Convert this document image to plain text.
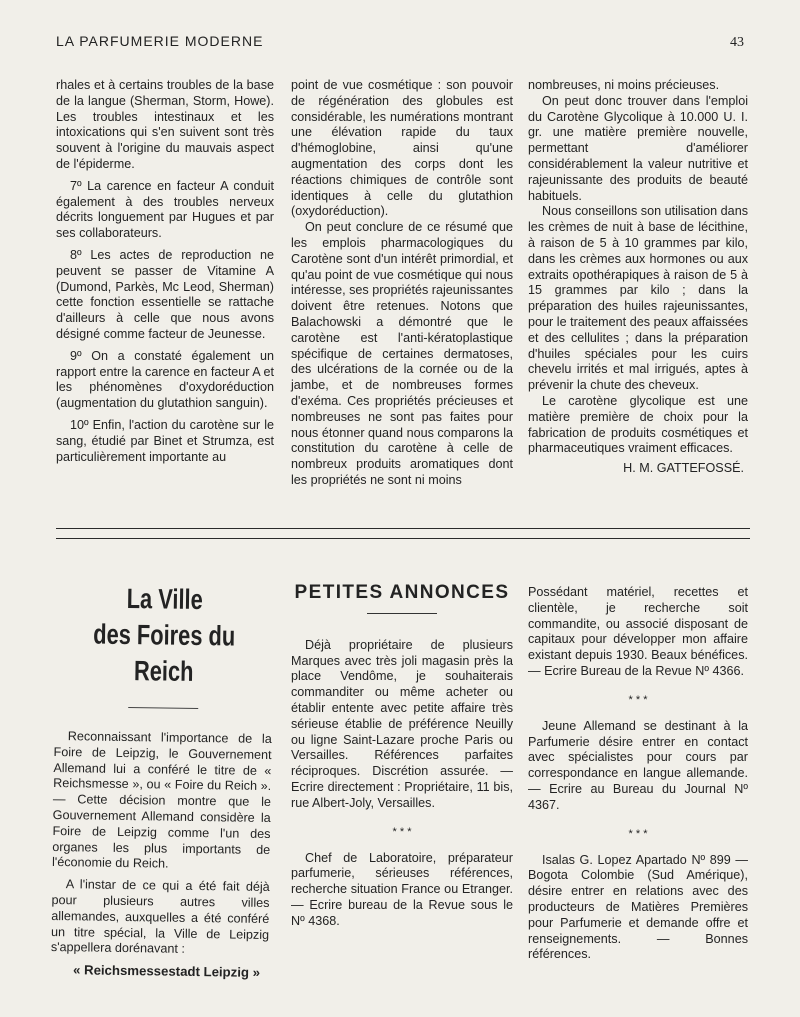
LA PARFUMERIE MODERNE	43

rhales et à certains troubles de la base de la langue (Sherman, Storm, Howe). Les troubles intestinaux et les intoxications qui s'en suivent sont très souvent à l'origine du mauvais aspect de l'épiderme.

7º La carence en facteur A conduit également à des troubles nerveux décrits longuement par Hugues et par ses collaborateurs.

8º Les actes de reproduction ne peuvent se passer de Vitamine A (Dumond, Parkès, Mc Leod, Sherman) cette fonction essentielle se rattache d'ailleurs à celle que nous avons désigné comme facteur de Jeunesse.

9º On a constaté également un rapport entre la carence en facteur A et les phénomènes d'oxydoréduction (augmentation du glutathion sanguin).

10º Enfin, l'action du carotène sur le sang, étudié par Binet et Strumza, est particulièrement importante au

point de vue cosmétique : son pouvoir de régénération des globules est considérable, les numérations montrant une élévation rapide du taux d'hémoglobine, ainsi qu'une augmentation des corps dont les réactions chimiques de contrôle sont identiques à celle du glutathion (oxydoréduction).

On peut conclure de ce résumé que les emplois pharmacologiques du Carotène sont d'un intérêt primordial, et qu'au point de vue cosmétique qui nous intéresse, ses propriétés rajeunissantes doivent être retenues. Notons que Balachowski a démontré que le carotène est l'anti-kératoplastique spécifique de certaines dermatoses, des ulcérations de la cornée ou de la jambe, et de nombreuses formes d'exéma. Ces propriétés précieuses et nombreuses ne sont pas faites pour nous étonner quand nous comparons la constitution du carotène à celle de nombreux produits aromatiques dont les propriétés ne sont ni moins

nombreuses, ni moins précieuses.

On peut donc trouver dans l'emploi du Carotène Glycolique à 10.000 U. I. gr. une matière première nouvelle, permettant d'améliorer considérablement la valeur nutritive et rajeunissante des produits de beauté habituels.

Nous conseillons son utilisation dans les crèmes de nuit à base de lécithine, à raison de 5 à 10 grammes par kilo, dans les crèmes aux hormones ou aux extraits opothérapiques à raison de 5 à 15 grammes par kilo ; dans la préparation des huiles rajeunissantes, pour le traitement des peaux affaissées et des cellulites ; dans la préparation d'huiles spéciales pour les cuirs chevelu irrités et mal irrigués, aptes à prévenir la chute des cheveux.

Le carotène glycolique est une matière première de choix pour la fabrication de produits cosmétiques et pharmaceutiques vraiment efficaces.

H. M. GATTEFOSSÉ.
La Ville
des Foires du Reich

Reconnaissant l'importance de la Foire de Leipzig, le Gouvernement Allemand lui a conféré le titre de « Reichsmesse », ou « Foire du Reich ». — Cette décision montre que le Gouvernement Allemand considère la Foire de Leipzig comme l'un des organes les plus importants de l'économie du Reich.

A l'instar de ce qui a été fait déjà pour plusieurs autres villes allemandes, auxquelles a été conféré un titre spécial, la Ville de Leipzig s'appellera dorénavant :

« Reichsmessestadt Leipzig »

PETITES ANNONCES

Déjà propriétaire de plusieurs Marques avec très joli magasin près la place Vendôme, je souhaiterais commanditer ou même acheter ou établir entente avec petite affaire très sérieuse établie de préférence Neuilly ou ligne Saint-Lazare proche Paris ou Versailles. Références parfaites réciproques. Discrétion assurée. — Ecrire directement : Propriétaire, 11 bis, rue Albert-Joly, Versailles.

* * *

Chef de Laboratoire, préparateur parfumerie, sérieuses références, recherche situation France ou Etranger. — Ecrire bureau de la Revue sous le Nº 4368.

Possédant matériel, recettes et clientèle, je recherche soit commandite, ou associé disposant de capitaux pour développer mon affaire existant depuis 1930. Beaux bénéfices. — Ecrire Bureau de la Revue Nº 4366.

* * *

Jeune Allemand se destinant à la Parfumerie désire entrer en contact avec spécialistes pour cours par correspondance en langue allemande. — Ecrire au Bureau du Journal Nº 4367.

* * *

Isalas G. Lopez Apartado Nº 899 — Bogota Colombie (Sud Amérique), désire entrer en relations avec des producteurs de Matières Premières pour Parfumerie et demande offre et renseignements. — Bonnes références.
